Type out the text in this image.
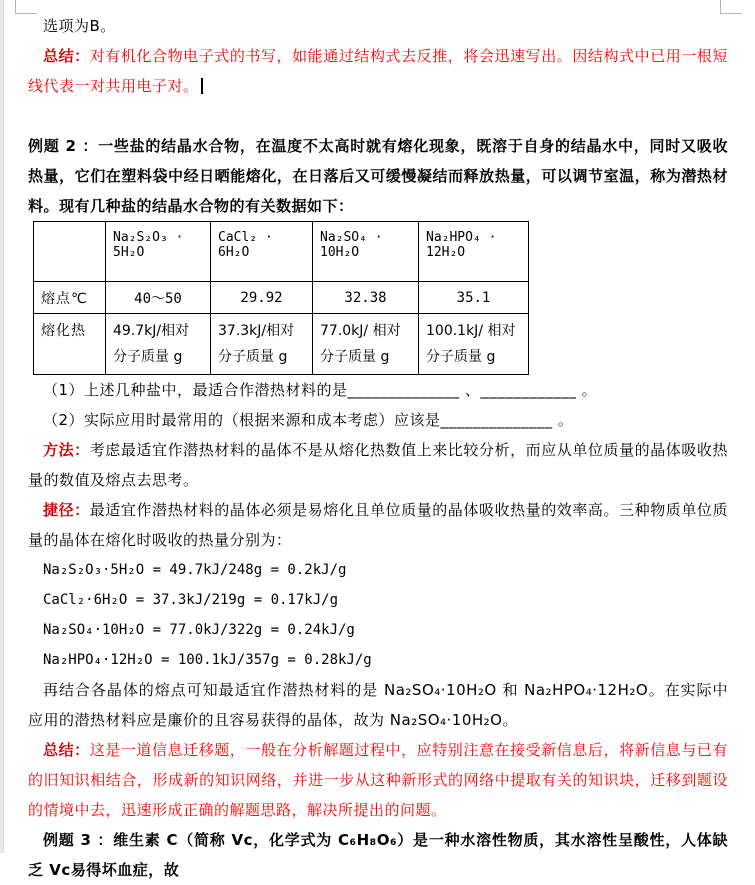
选项为B。

总结：对有机化合物电子式的书写，如能通过结构式去反推，将会迅速写出。因结构式中已用一根短线代表一对共用电子对。

例题 2 ：一些盐的结晶水合物，在温度不太高时就有熔化现象，既溶于自身的结晶水中，同时又吸收热量，它们在塑料袋中经日晒能熔化，在日落后又可缓慢凝结而释放热量，可以调节室温，称为潜热材料。现有几种盐的结晶水合物的有关数据如下：

	Na₂S₂O₃ · 5H₂O	CaCl₂ · 6H₂O	Na₂SO₄ · 10H₂O	Na₂HPO₄ · 12H₂O
熔点℃	40～50	29.92	32.38	35.1
熔化热	49.7kJ/相对分子质量 g	37.3kJ/相对分子质量 g	77.0kJ/ 相对分子质量 g	100.1kJ/ 相对分子质量 g

（1）上述几种盐中，最适合作潜热材料的是______________ 、____________ 。

（2）实际应用时最常用的（根据来源和成本考虑）应该是______________ 。

方法：考虑最适宜作潜热材料的晶体不是从熔化热数值上来比较分析，而应从单位质量的晶体吸收热量的数值及熔点去思考。

捷径：最适宜作潜热材料的晶体必须是易熔化且单位质量的晶体吸收热量的效率高。三种物质单位质量的晶体在熔化时吸收的热量分别为：

Na₂S₂O₃·5H₂O = 49.7kJ/248g = 0.2kJ/g

CaCl₂·6H₂O = 37.3kJ/219g = 0.17kJ/g

Na₂SO₄·10H₂O = 77.0kJ/322g = 0.24kJ/g

Na₂HPO₄·12H₂O = 100.1kJ/357g = 0.28kJ/g

再结合各晶体的熔点可知最适宜作潜热材料的是 Na₂SO₄·10H₂O 和 Na₂HPO₄·12H₂O。在实际中应用的潜热材料应是廉价的且容易获得的晶体，故为 Na₂SO₄·10H₂O。

总结：这是一道信息迁移题，一般在分析解题过程中，应特别注意在接受新信息后，将新信息与已有的旧知识相结合，形成新的知识网络，并进一步从这种新形式的网络中提取有关的知识块，迁移到题设的情境中去，迅速形成正确的解题思路，解决所提出的问题。

例题 3 ：维生素 C（简称 Vc，化学式为 C₆H₈O₆）是一种水溶性物质，其水溶性呈酸性，人体缺乏 Vc易得坏血症，故
